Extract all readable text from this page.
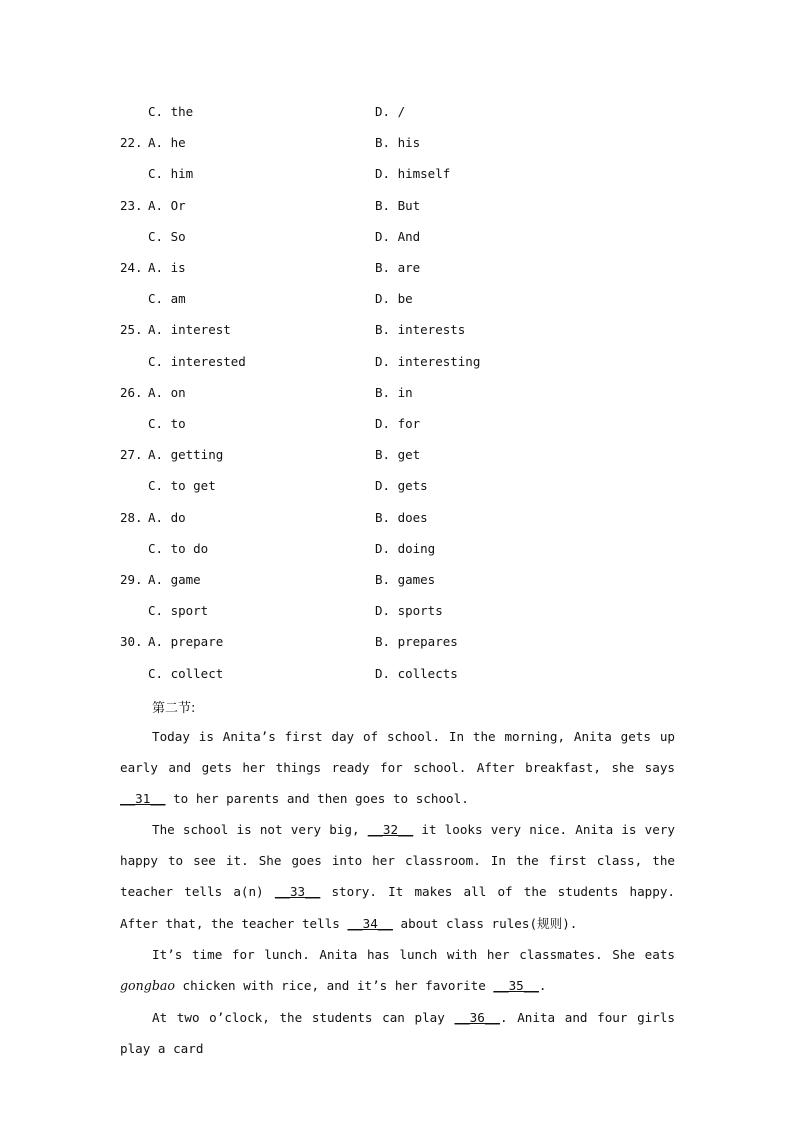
C. the	D. /
22. A. he	B. his
C. him	D. himself
23. A. Or	B. But
C. So	D. And
24. A. is	B. are
C. am	D. be
25. A. interest	B. interests
C. interested	D. interesting
26. A. on	B. in
C. to	D. for
27. A. getting	B. get
C. to get	D. gets
28. A. do	B. does
C. to do	D. doing
29. A. game	B. games
C. sport	D. sports
30. A. prepare	B. prepares
C. collect	D. collects
第二节:
Today is Anita’s first day of school. In the morning, Anita gets up early and gets her things ready for school. After breakfast, she says __31__ to her parents and then goes to school.
The school is not very big, __32__ it looks very nice. Anita is very happy to see it. She goes into her classroom. In the first class, the teacher tells a(n) __33__ story. It makes all of the students happy. After that, the teacher tells __34__ about class rules(规则).
It’s time for lunch. Anita has lunch with her classmates. She eats gongbao chicken with rice, and it’s her favorite __35__.
At two o’clock, the students can play __36__. Anita and four girls play a card
